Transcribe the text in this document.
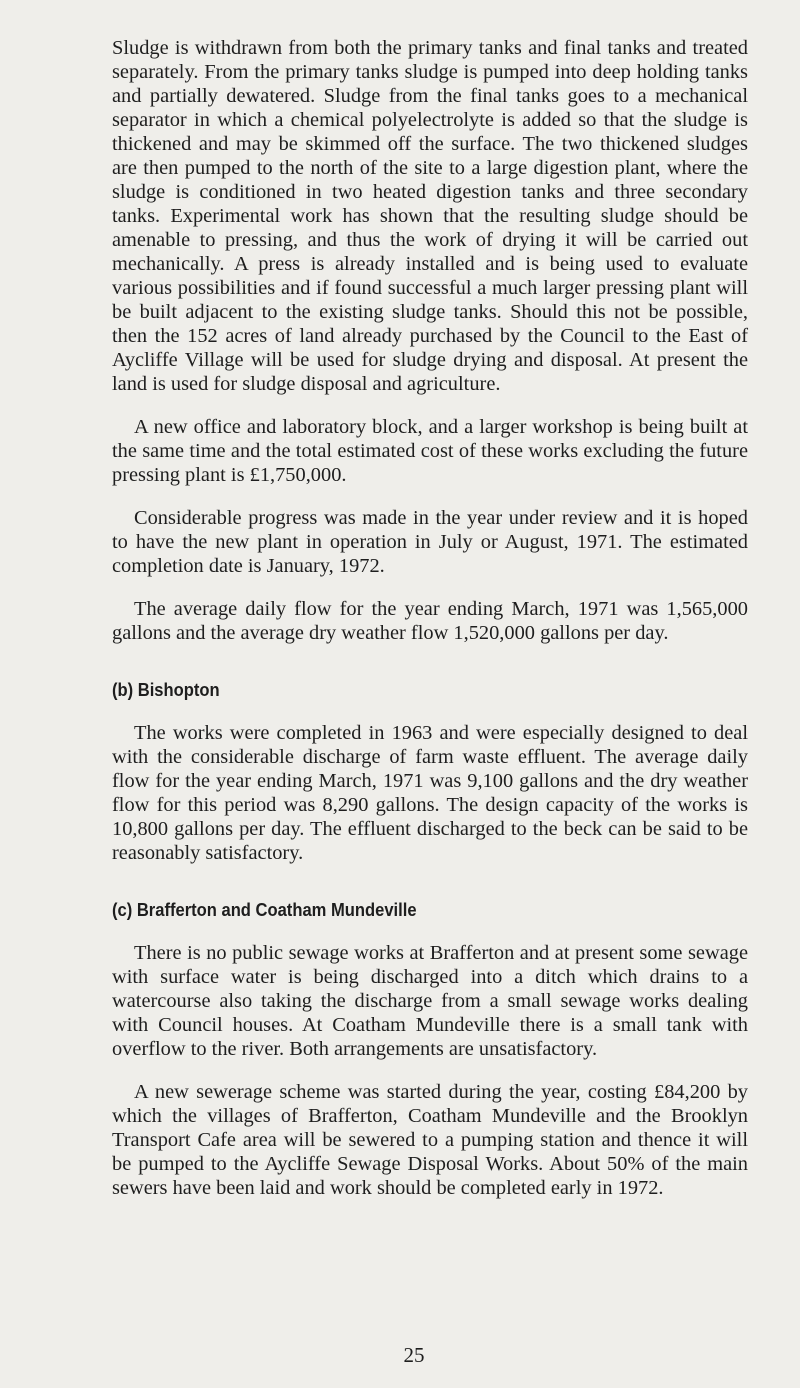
Sludge is withdrawn from both the primary tanks and final tanks and treated separately. From the primary tanks sludge is pumped into deep holding tanks and partially dewatered. Sludge from the final tanks goes to a mechanical separator in which a chemical polyelectrolyte is added so that the sludge is thickened and may be skimmed off the surface. The two thickened sludges are then pumped to the north of the site to a large digestion plant, where the sludge is conditioned in two heated digestion tanks and three secondary tanks. Experimental work has shown that the resulting sludge should be amenable to pressing, and thus the work of drying it will be carried out mechanically. A press is already installed and is being used to evaluate various possibilities and if found successful a much larger pressing plant will be built adjacent to the existing sludge tanks. Should this not be possible, then the 152 acres of land already purchased by the Council to the East of Aycliffe Village will be used for sludge drying and disposal. At present the land is used for sludge disposal and agriculture.

A new office and laboratory block, and a larger workshop is being built at the same time and the total estimated cost of these works excluding the future pressing plant is £1,750,000.

Considerable progress was made in the year under review and it is hoped to have the new plant in operation in July or August, 1971. The estimated completion date is January, 1972.

The average daily flow for the year ending March, 1971 was 1,565,000 gallons and the average dry weather flow 1,520,000 gallons per day.

(b) Bishopton

The works were completed in 1963 and were especially designed to deal with the considerable discharge of farm waste effluent. The average daily flow for the year ending March, 1971 was 9,100 gallons and the dry weather flow for this period was 8,290 gallons. The design capacity of the works is 10,800 gallons per day. The effluent discharged to the beck can be said to be reasonably satisfactory.

(c) Brafferton and Coatham Mundeville

There is no public sewage works at Brafferton and at present some sewage with surface water is being discharged into a ditch which drains to a watercourse also taking the discharge from a small sewage works dealing with Council houses. At Coatham Mundeville there is a small tank with overflow to the river. Both arrangements are unsatisfactory.

A new sewerage scheme was started during the year, costing £84,200 by which the villages of Brafferton, Coatham Mundeville and the Brooklyn Transport Cafe area will be sewered to a pumping station and thence it will be pumped to the Aycliffe Sewage Disposal Works. About 50% of the main sewers have been laid and work should be completed early in 1972.

25
